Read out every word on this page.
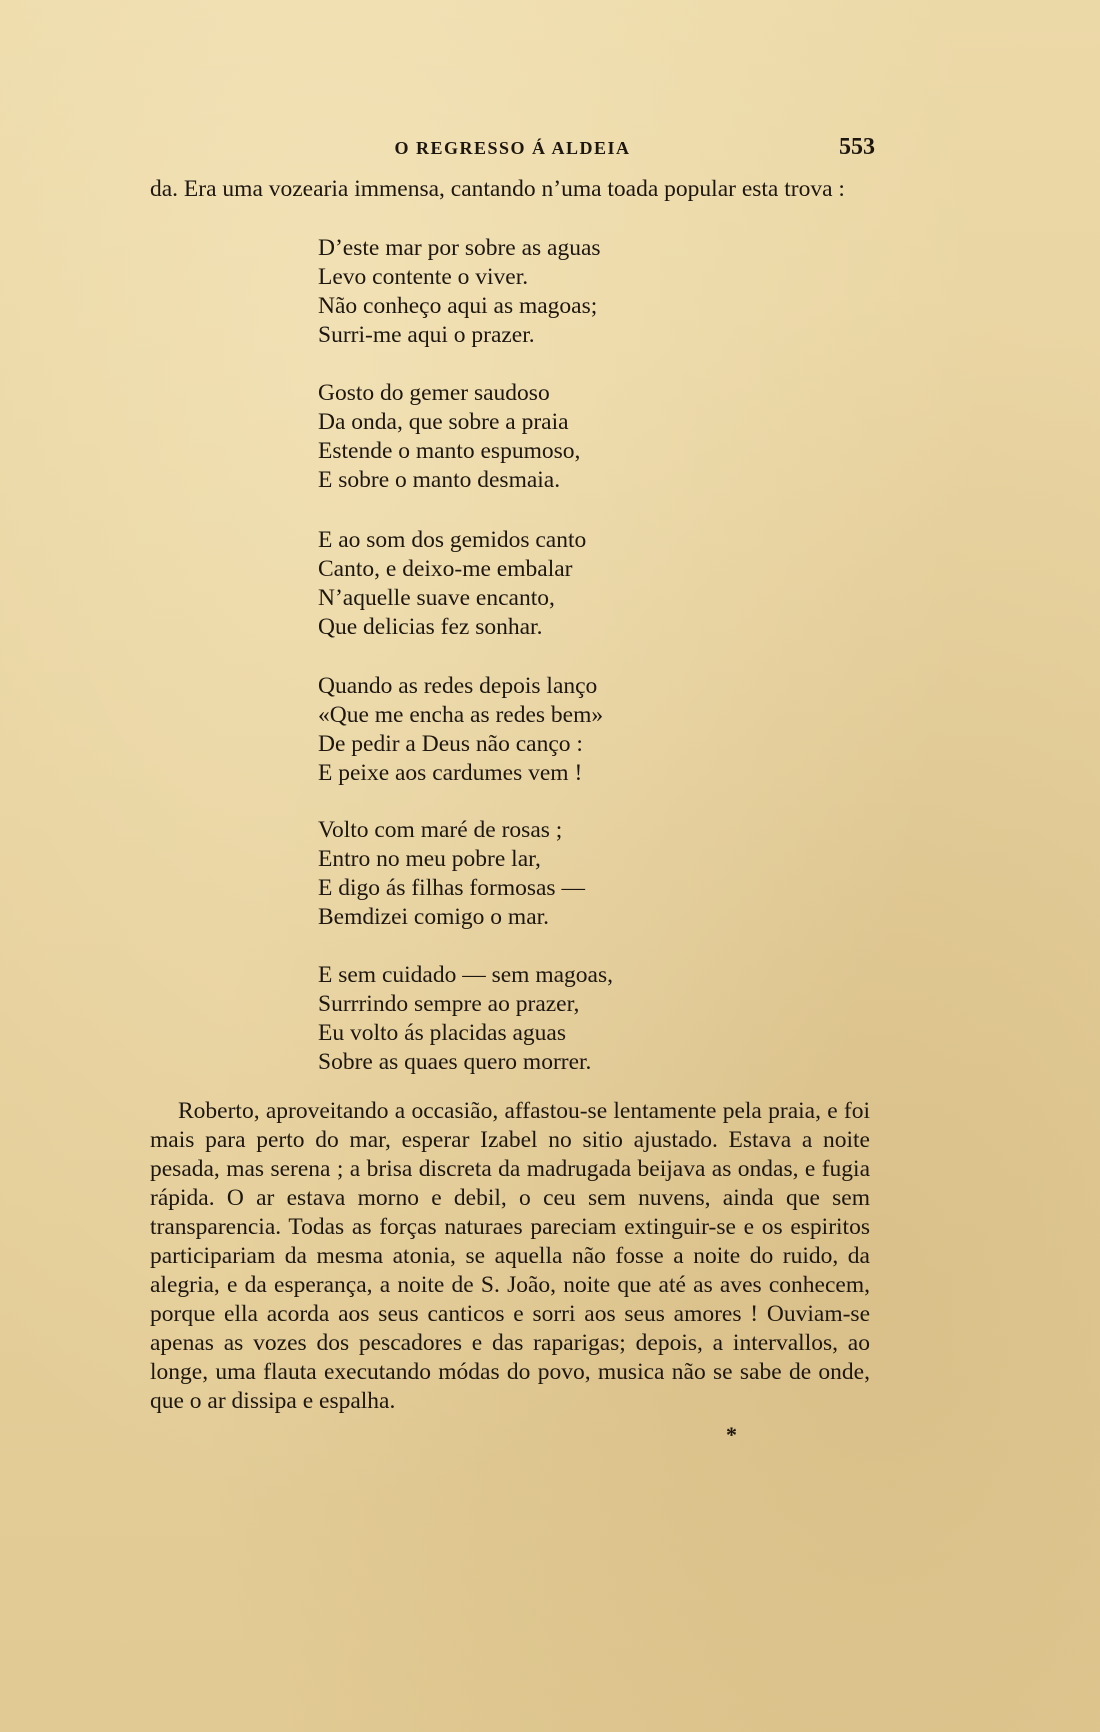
O REGRESSO Á ALDEIA	553

da. Era uma vozearia immensa, cantando n’uma toada popular esta trova :

D’este mar por sobre as aguas
Levo contente o viver.
Não conheço aqui as magoas;
Surri-me aqui o prazer.
Gosto do gemer saudoso
Da onda, que sobre a praia
Estende o manto espumoso,
E sobre o manto desmaia.
E ao som dos gemidos canto
Canto, e deixo-me embalar
N’aquelle suave encanto,
Que delicias fez sonhar.
Quando as redes depois lanço
«Que me encha as redes bem»
De pedir a Deus não canço :
E peixe aos cardumes vem !
Volto com maré de rosas ;
Entro no meu pobre lar,
E digo ás filhas formosas —
Bemdizei comigo o mar.
E sem cuidado — sem magoas,
Surrrindo sempre ao prazer,
Eu volto ás placidas aguas
Sobre as quaes quero morrer.

Roberto, aproveitando a occasião, affastou-se lentamente pela praia, e foi mais para perto do mar, esperar Izabel no sitio ajustado. Estava a noite pesada, mas serena ; a brisa discreta da madrugada beijava as ondas, e fugia rápida. O ar estava morno e debil, o ceu sem nuvens, ainda que sem transparencia. Todas as forças naturaes pareciam extinguir-se e os espiritos participariam da mesma atonia, se aquella não fosse a noite do ruido, da alegria, e da esperança, a noite de S. João, noite que até as aves conhecem, porque ella acorda aos seus canticos e sorri aos seus amores ! Ouviam-se apenas as vozes dos pescadores e das raparigas; depois, a intervallos, ao longe, uma flauta executando módas do povo, musica não se sabe de onde, que o ar dissipa e espalha.

*
